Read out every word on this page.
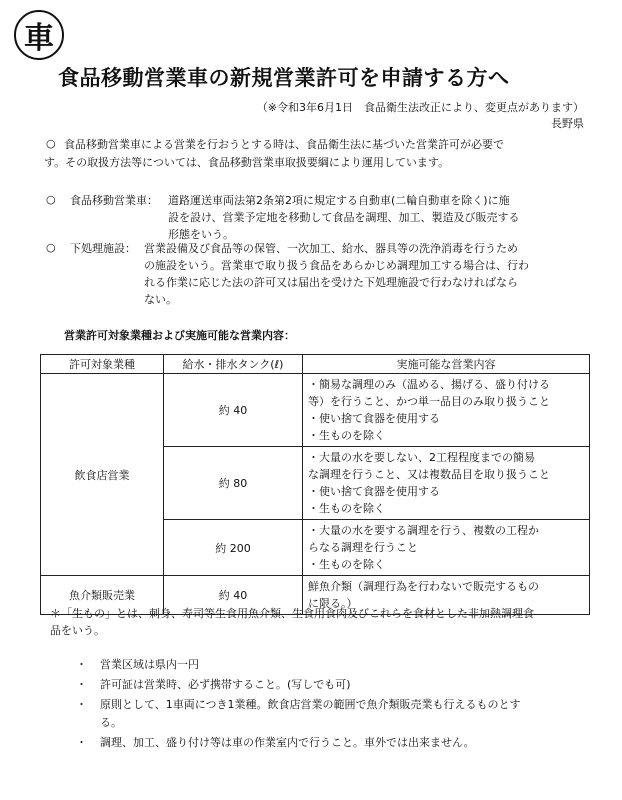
車
食品移動営業車の新規営業許可を申請する方へ
（※令和3年6月1日　食品衛生法改正により、変更点があります）
長野県
○ 食品移動営業車による営業を行おうとする時は、食品衛生法に基づいた営業許可が必要で
す。その取扱方法等については、食品移動営業車取扱要綱により運用しています。
○ 食品移動営業車： 道路運送車両法第2条第2項に規定する自動車(二輪自動車を除く)に施
設を設け、営業予定地を移動して食品を調理、加工、製造及び販売する
形態をいう。
○ 下処理施設： 営業設備及び食品等の保管、一次加工、給水、器具等の洗浄消毒を行うため
の施設をいう。営業車で取り扱う食品をあらかじめ調理加工する場合は、行わ
れる作業に応じた法の許可又は届出を受けた下処理施設で行わなければなら
ない。
営業許可対象業種および実施可能な営業内容：
許可対象業種	給水・排水タンク(ℓ)	実施可能な営業内容
飲食店営業	約 40	・簡易な調理のみ（温める、揚げる、盛り付ける
等）を行うこと、かつ単一品目のみ取り扱うこと
・使い捨て食器を使用する
・生ものを除く

	約 80	・大量の水を要しない、2工程程度までの簡易
な調理を行うこと、又は複数品目を取り扱うこと
・使い捨て食器を使用する
・生ものを除く

	約 200	・大量の水を要する調理を行う、複数の工程か
らなる調理を行うこと
・生ものを除く

魚介類販売業	約 40	鮮魚介類（調理行為を行わないで販売するもの
に限る。）
＊「生もの」とは、刺身、寿司等生食用魚介類、生食用食肉及びこれらを食材とした非加熱調理食
品をいう。
・ 営業区域は県内一円
・ 許可証は営業時、必ず携帯すること。(写しでも可)
・ 原則として、1車両につき1業種。飲食店営業の範囲で魚介類販売業も行えるものとす
る。
・ 調理、加工、盛り付け等は車の作業室内で行うこと。車外では出来ません。
